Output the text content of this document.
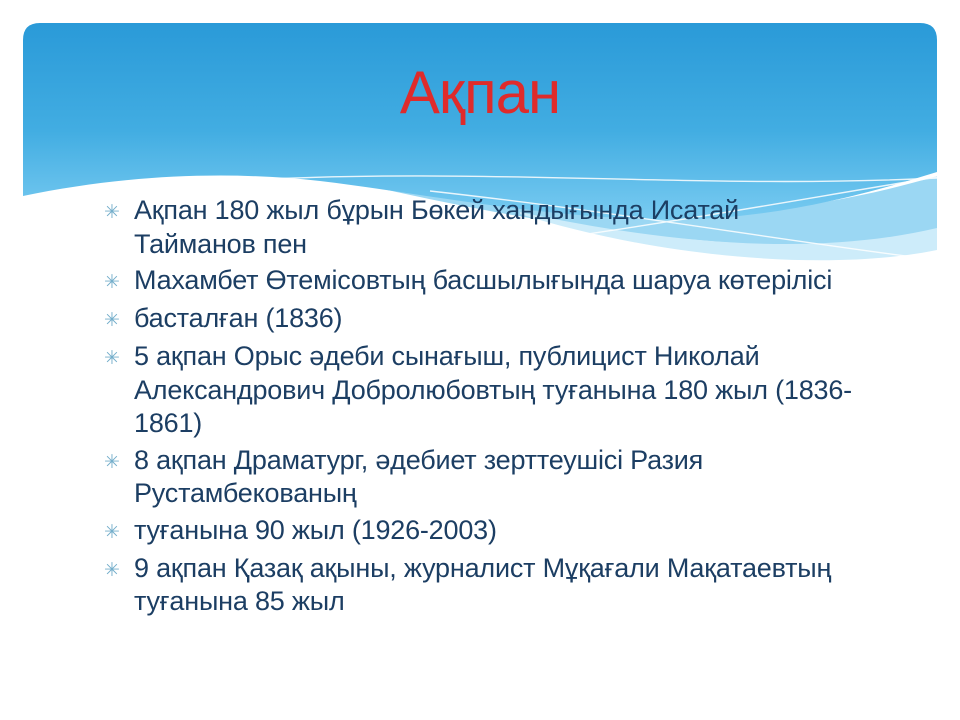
Ақпан
✳ Ақпан 180 жыл бұрын Бөкей хандығында Исатай
Тайманов пен
✳ Махамбет Өтемісовтың басшылығында шаруа көтерілісі
✳ басталған (1836)
✳ 5 ақпан Орыс әдеби сынағыш, публицист Николай
Александрович Добролюбовтың туғанына 180 жыл (1836-
1861)
✳ 8 ақпан Драматург, әдебиет зерттеушісі Разия
Рустамбекованың
✳ туғанына 90 жыл (1926-2003)
✳ 9 ақпан Қазақ ақыны, журналист Мұқағали Мақатаевтың
туғанына 85 жыл
